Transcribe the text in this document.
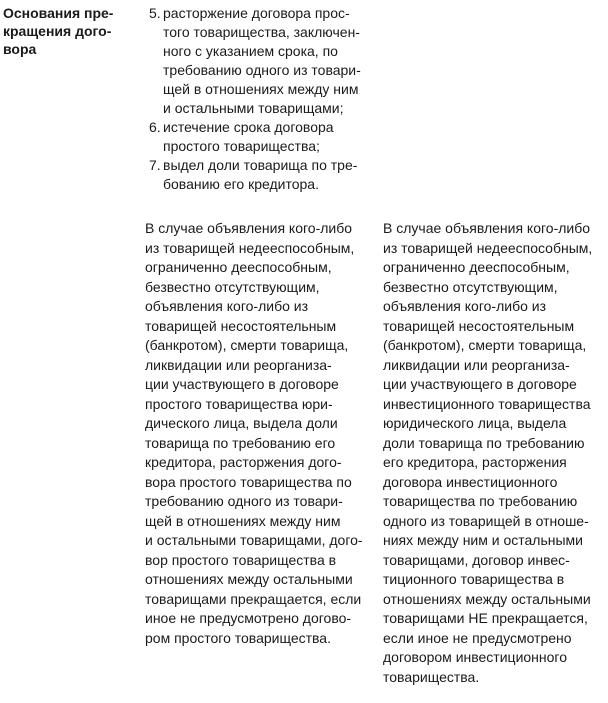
Основания пре-
кращения дого-
вора
5. расторжение договора прос-
того товарищества, заключен-
ного с указанием срока, по
требованию одного из товари-
щей в отношениях между ним
и остальными товарищами;
6. истечение срока договора
простого товарищества;
7. выдел доли товарища по тре-
бованию его кредитора.
В случае объявления кого-либо
из товарищей недееспособным,
ограниченно дееспособным,
безвестно отсутствующим,
объявления кого-либо из
товарищей несостоятельным
(банкротом), смерти товарища,
ликвидации или реорганиза-
ции участвующего в договоре
простого товарищества юри-
дического лица, выдела доли
товарища по требованию его
кредитора, расторжения дого-
вора простого товарищества по
требованию одного из товари-
щей в отношениях между ним
и остальными товарищами, дого-
вор простого товарищества в
отношениях между остальными
товарищами прекращается, если
иное не предусмотрено догово-
ром простого товарищества.
В случае объявления кого-либо
из товарищей недееспособным,
ограниченно дееспособным,
безвестно отсутствующим,
объявления кого-либо из
товарищей несостоятельным
(банкротом), смерти товарища,
ликвидации или реорганиза-
ции участвующего в договоре
инвестиционного товарищества
юридического лица, выдела
доли товарища по требованию
его кредитора, расторжения
договора инвестиционного
товарищества по требованию
одного из товарищей в отноше-
ниях между ним и остальными
товарищами, договор инвес-
тиционного товарищества в
отношениях между остальными
товарищами НЕ прекращается,
если иное не предусмотрено
договором инвестиционного
товарищества.
